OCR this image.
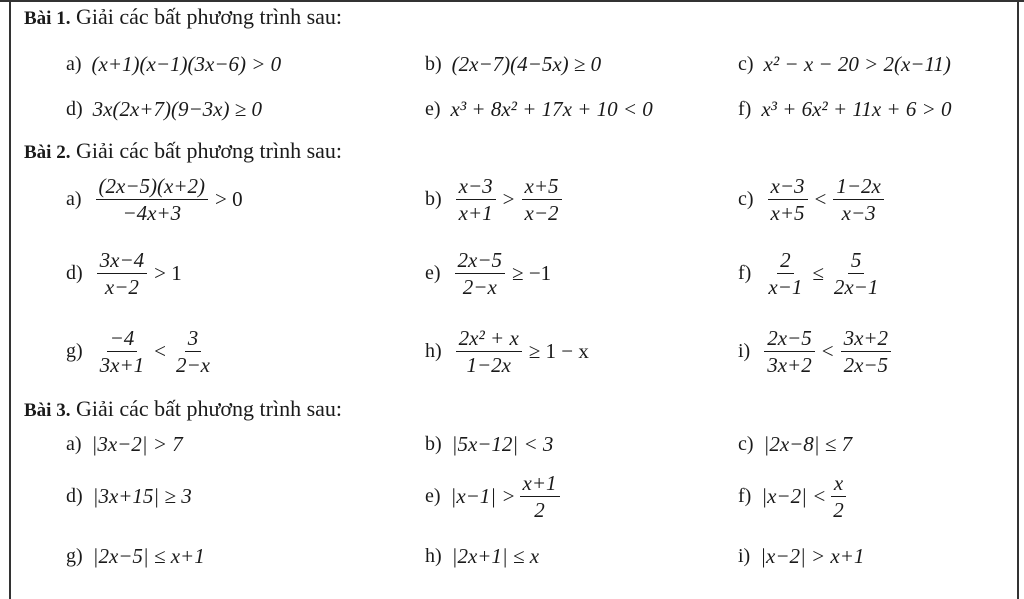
Bài 1. Giải các bất phương trình sau:
a) (x+1)(x−1)(3x−6) > 0	b) (2x−7)(4−5x) ≥ 0	c) x² − x − 20 > 2(x−11)
d) 3x(2x+7)(9−3x) ≥ 0	e) x³ + 8x² + 17x + 10 < 0	f) x³ + 6x² + 11x + 6 > 0
Bài 2. Giải các bất phương trình sau:
$a) \frac{(2x-5)(x+2)}{-4x+3} > 0$	$b) \frac{x-3}{x+1} > \frac{x+5}{x-2}$	$c) \frac{x-3}{x+5} < \frac{1-2x}{x-3}$
$d) \frac{3x-4}{x-2} > 1$	$e) \frac{2x-5}{2-x} \ge -1$	$f) \frac{2}{x-1} \le \frac{5}{2x-1}$
$g) \frac{-4}{3x+1} < \frac{3}{2-x}$	$h) \frac{\text{2x² + x}}{1-2x} \ge 1 - x$	$i) \frac{2x-5}{3x+2} < \frac{3x+2}{2x-5}$
Bài 3. Giải các bất phương trình sau:
a) |3x−2| > 7	b) |5x−12| < 3	c) |2x−8| ≤ 7
d) |3x+15| ≥ 3	e) $|x-1| > \frac{x+1}{2}$	f) $|x-2| < \frac{x}{2}$
g) |2x−5| ≤ x+1	h) |2x+1| ≤ x	i) |x−2| > x+1
